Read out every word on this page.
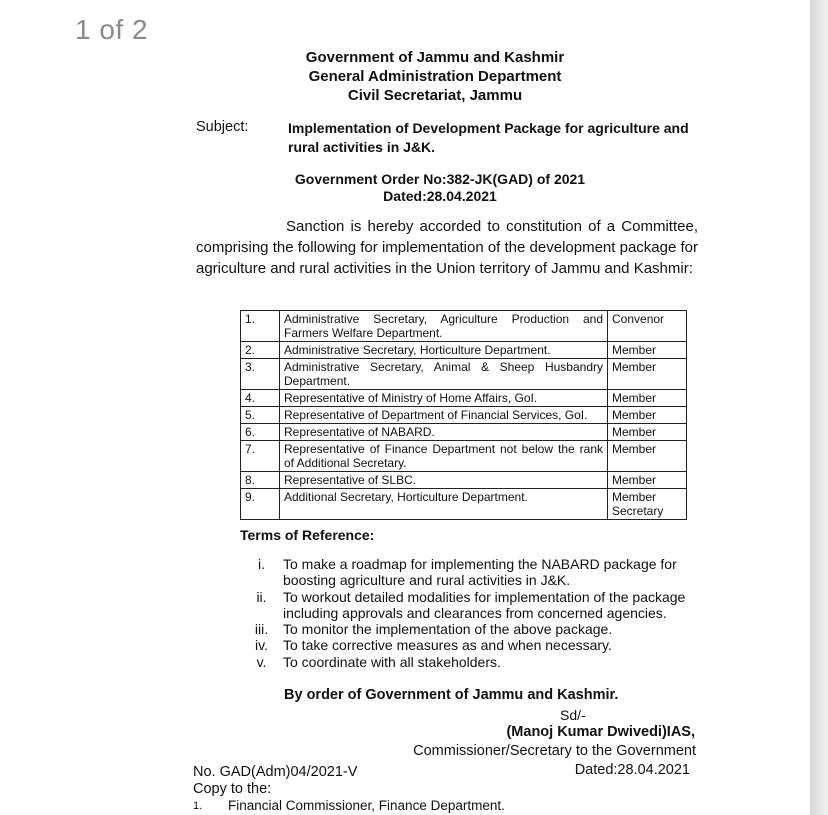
1 of 2
Government of Jammu and Kashmir
General Administration Department
Civil Secretariat, Jammu
Subject:	Implementation of Development Package for agriculture and rural activities in J&K.
Government Order No:382-JK(GAD) of 2021
Dated:28.04.2021
Sanction is hereby accorded to constitution of a Committee, comprising the following for implementation of the development package for agriculture and rural activities in the Union territory of Jammu and Kashmir:
1.	Administrative Secretary, Agriculture Production and Farmers Welfare Department.	Convenor
2.	Administrative Secretary, Horticulture Department.	Member
3.	Administrative Secretary, Animal & Sheep Husbandry Department.	Member
4.	Representative of Ministry of Home Affairs, GoI.	Member
5.	Representative of Department of Financial Services, GoI.	Member
6.	Representative of NABARD.	Member
7.	Representative of Finance Department not below the rank of Additional Secretary.	Member
8.	Representative of SLBC.	Member
9.	Additional Secretary, Horticulture Department.	Member Secretary
Terms of Reference:
i.	To make a roadmap for implementing the NABARD package for boosting agriculture and rural activities in J&K.
ii.	To workout detailed modalities for implementation of the package including approvals and clearances from concerned agencies.
iii.	To monitor the implementation of the above package.
iv.	To take corrective measures as and when necessary.
v.	To coordinate with all stakeholders.
By order of Government of Jammu and Kashmir.
Sd/-
(Manoj Kumar Dwivedi)IAS,
Commissioner/Secretary to the Government
No. GAD(Adm)04/2021-V	Dated:28.04.2021
Copy to the:
1.	Financial Commissioner, Finance Department.
